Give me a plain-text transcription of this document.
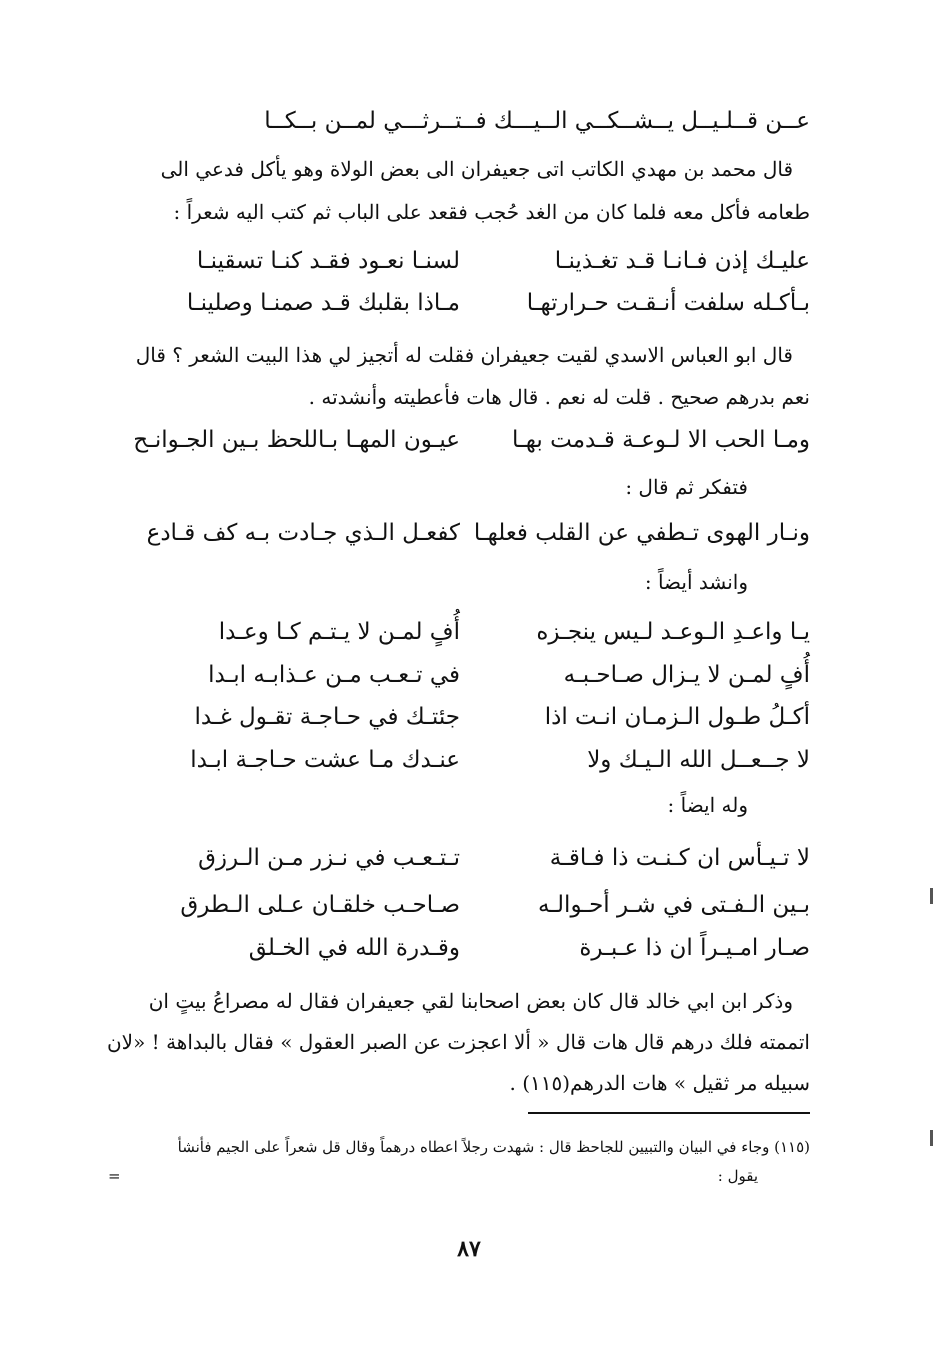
عــن قــلـيــل يــشــكــي الــيــ
ـك فــتــرثـــي لمــن بــكــا
قال محمد بن مهدي الكاتب اتى جعيفران الى بعض الولاة وهو يأكل فدعي الى
طعامه فأكل معه فلما كان من الغد حُجب فقعد على الباب ثم كتب اليه شعراً :
عليـك إذن فـانـا قـد تغـذينـا
لسنـا نعـود فقـد كنـا تسقينـا
بـأكـله سلفت أنـقـت حـرارتهـا
مـاذا بقلبك قـد صمنـا وصلينـا
قال ابو العباس الاسدي لقيت جعيفران فقلت له أتجيز لي هذا البيت الشعر ؟ قال
نعم بدرهم صحيح . قلت له نعم . قال هات فأعطيته وأنشدته .
ومـا الحب الا لـوعـة قـدمت بهـا
عيـون المهـا بـاللحظ بـين الجـوانـح
فتفكر ثم قال :
ونـار الهوى تـطفي عن القلب فعلهـا
كفعـل الـذي جـادت بـه كف قـادع
وانشد أيضاً :
يـا واعـدِ الـوعـد لـيس ينجـزه
أُفٍ لمـن لا يـتـم كـا وعـدا
أُفٍ لمـن لا يـزال صـاحـبـه
في تـعـب مـن عـذابـه ابـدا
أكـلُ طـول الـزمـان انـت اذا
جئتـك في حـاجـة تقـول غـدا
لا جــعــل الله الـيـك ولا
عنـدك مـا عشت حـاجـة ابـدا
وله ايضاً :
لا تـيـأس ان كـنـت ذا فـاقـة
تـتـعـب في نـزر مـن الـرزق
بـين الـفـتى في شـر أحـوالـه
صـاحـب خلقـان عـلى الـطرق
صـار امـيـراً ان ذا عـبـرة
وقـدرة الله في الخـلق
وذكر ابن ابي خالد قال كان بعض اصحابنا لقي جعيفران فقال له مصراعُ بيتٍ ان
اتممته فلك درهم قال هات قال « ألا اعجزت عن الصبر العقول » فقال بالبداهة ! «لان
سبيله مر ثقيل » هات الدرهم(١١٥) .
(١١٥) وجاء في البيان والتبيين للجاحظ قال : شهدت رجلاً اعطاه درهماً وقال قل شعراً على الجيم فأنشأ
يقول :
=
٨٧
